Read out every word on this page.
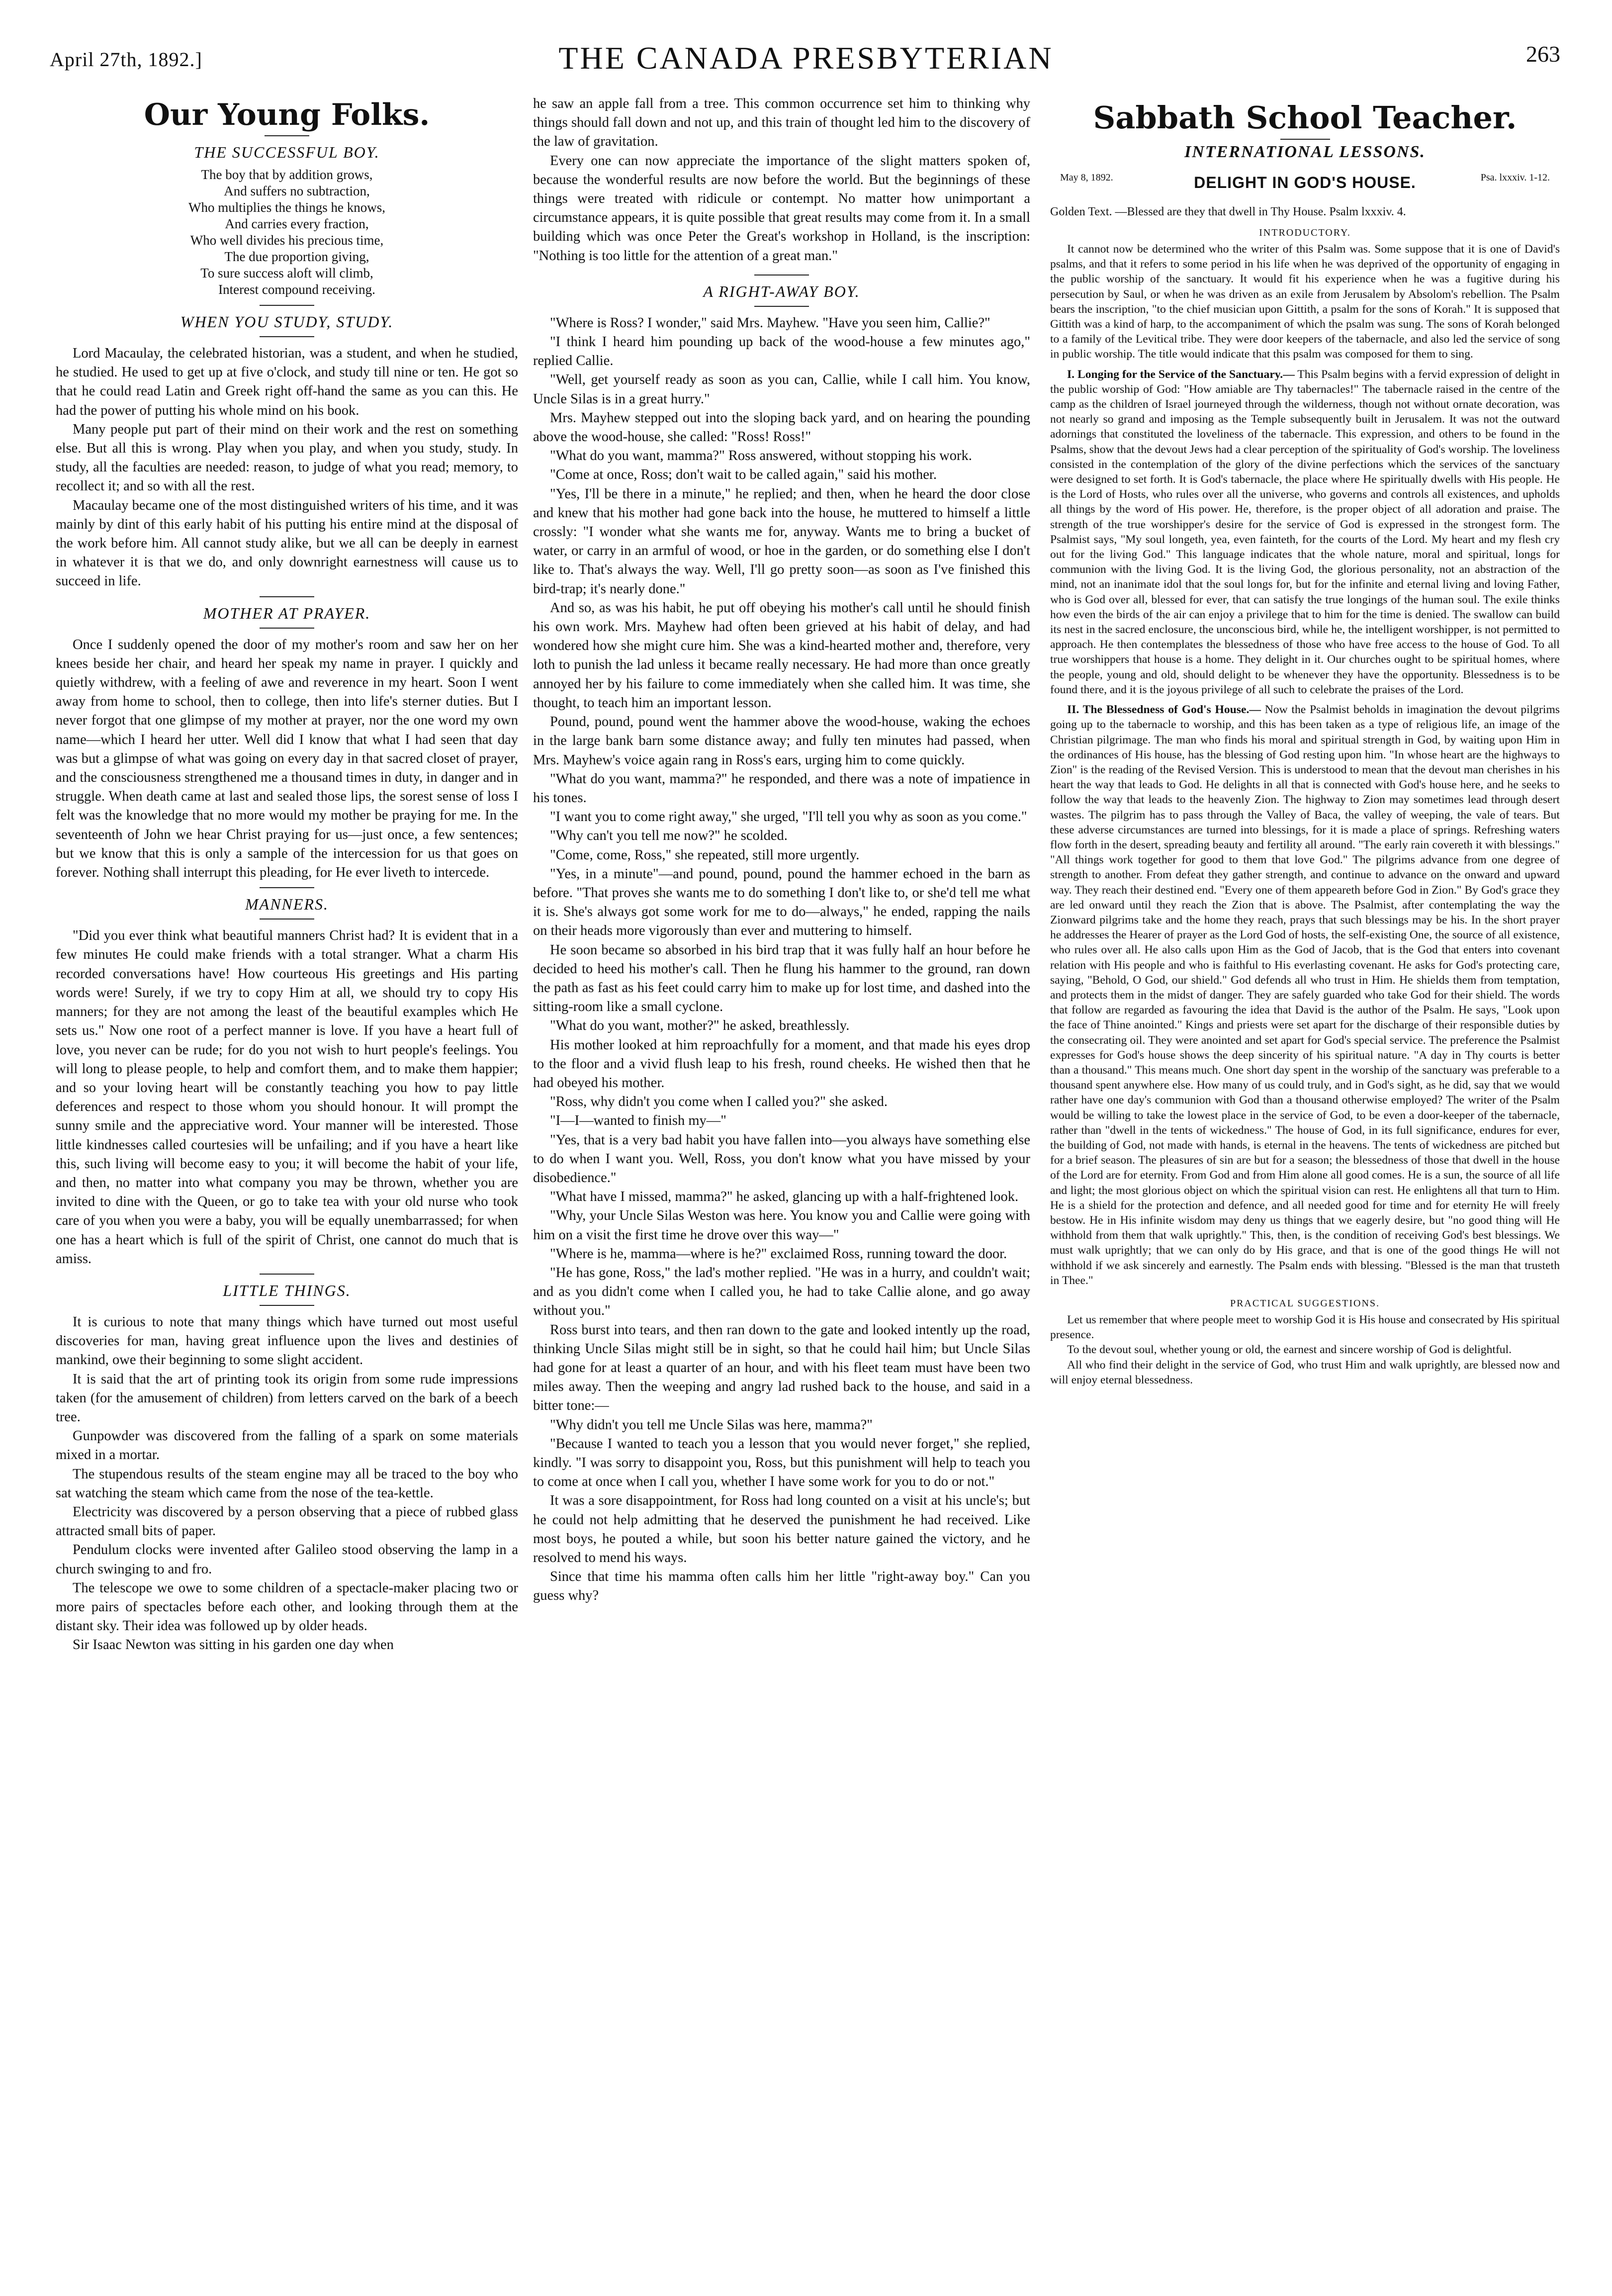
April 27th, 1892.]	THE CANADA PRESBYTERIAN	263
Our Young Folks.
THE SUCCESSFUL BOY.
The boy that by addition grows,
And suffers no subtraction,
Who multiplies the things he knows,
And carries every fraction,
Who well divides his precious time,
The due proportion giving,
To sure success aloft will climb,
Interest compound receiving.
WHEN YOU STUDY, STUDY.

Lord Macaulay, the celebrated historian, was a student, and when he studied, he studied. He used to get up at five o'clock, and study till nine or ten. He got so that he could read Latin and Greek right off-hand the same as you can this. He had the power of putting his whole mind on his book.

Many people put part of their mind on their work and the rest on something else. But all this is wrong. Play when you play, and when you study, study. In study, all the faculties are needed: reason, to judge of what you read; memory, to recollect it; and so with all the rest.

Macaulay became one of the most distinguished writers of his time, and it was mainly by dint of this early habit of his putting his entire mind at the disposal of the work before him. All cannot study alike, but we all can be deeply in earnest in whatever it is that we do, and only downright earnestness will cause us to succeed in life.

MOTHER AT PRAYER.

Once I suddenly opened the door of my mother's room and saw her on her knees beside her chair, and heard her speak my name in prayer. I quickly and quietly withdrew, with a feeling of awe and reverence in my heart. Soon I went away from home to school, then to college, then into life's sterner duties. But I never forgot that one glimpse of my mother at prayer, nor the one word my own name—which I heard her utter. Well did I know that what I had seen that day was but a glimpse of what was going on every day in that sacred closet of prayer, and the consciousness strengthened me a thousand times in duty, in danger and in struggle. When death came at last and sealed those lips, the sorest sense of loss I felt was the knowledge that no more would my mother be praying for me. In the seventeenth of John we hear Christ praying for us—just once, a few sentences; but we know that this is only a sample of the intercession for us that goes on forever. Nothing shall interrupt this pleading, for He ever liveth to intercede.

MANNERS.

"Did you ever think what beautiful manners Christ had? It is evident that in a few minutes He could make friends with a total stranger. What a charm His recorded conversations have! How courteous His greetings and His parting words were! Surely, if we try to copy Him at all, we should try to copy His manners; for they are not among the least of the beautiful examples which He sets us." Now one root of a perfect manner is love. If you have a heart full of love, you never can be rude; for do you not wish to hurt people's feelings. You will long to please people, to help and comfort them, and to make them happier; and so your loving heart will be constantly teaching you how to pay little deferences and respect to those whom you should honour. It will prompt the sunny smile and the appreciative word. Your manner will be interested. Those little kindnesses called courtesies will be unfailing; and if you have a heart like this, such living will become easy to you; it will become the habit of your life, and then, no matter into what company you may be thrown, whether you are invited to dine with the Queen, or go to take tea with your old nurse who took care of you when you were a baby, you will be equally unembarrassed; for when one has a heart which is full of the spirit of Christ, one cannot do much that is amiss.

LITTLE THINGS.

It is curious to note that many things which have turned out most useful discoveries for man, having great influence upon the lives and destinies of mankind, owe their beginning to some slight accident.

It is said that the art of printing took its origin from some rude impressions taken (for the amusement of children) from letters carved on the bark of a beech tree.

Gunpowder was discovered from the falling of a spark on some materials mixed in a mortar.

The stupendous results of the steam engine may all be traced to the boy who sat watching the steam which came from the nose of the tea-kettle.

Electricity was discovered by a person observing that a piece of rubbed glass attracted small bits of paper.

Pendulum clocks were invented after Galileo stood observing the lamp in a church swinging to and fro.

The telescope we owe to some children of a spectacle-maker placing two or more pairs of spectacles before each other, and looking through them at the distant sky. Their idea was followed up by older heads.

Sir Isaac Newton was sitting in his garden one day when

he saw an apple fall from a tree. This common occurrence set him to thinking why things should fall down and not up, and this train of thought led him to the discovery of the law of gravitation.

Every one can now appreciate the importance of the slight matters spoken of, because the wonderful results are now before the world. But the beginnings of these things were treated with ridicule or contempt. No matter how unimportant a circumstance appears, it is quite possible that great results may come from it. In a small building which was once Peter the Great's workshop in Holland, is the inscription: "Nothing is too little for the attention of a great man."

A RIGHT-AWAY BOY.

"Where is Ross? I wonder," said Mrs. Mayhew. "Have you seen him, Callie?"

"I think I heard him pounding up back of the wood-house a few minutes ago," replied Callie.

"Well, get yourself ready as soon as you can, Callie, while I call him. You know, Uncle Silas is in a great hurry."

Mrs. Mayhew stepped out into the sloping back yard, and on hearing the pounding above the wood-house, she called: "Ross! Ross!"

"What do you want, mamma?" Ross answered, without stopping his work.

"Come at once, Ross; don't wait to be called again," said his mother.

"Yes, I'll be there in a minute," he replied; and then, when he heard the door close and knew that his mother had gone back into the house, he muttered to himself a little crossly: "I wonder what she wants me for, anyway. Wants me to bring a bucket of water, or carry in an armful of wood, or hoe in the garden, or do something else I don't like to. That's always the way. Well, I'll go pretty soon—as soon as I've finished this bird-trap; it's nearly done."

And so, as was his habit, he put off obeying his mother's call until he should finish his own work. Mrs. Mayhew had often been grieved at his habit of delay, and had wondered how she might cure him. She was a kind-hearted mother and, therefore, very loth to punish the lad unless it became really necessary. He had more than once greatly annoyed her by his failure to come immediately when she called him. It was time, she thought, to teach him an important lesson.

Pound, pound, pound went the hammer above the wood-house, waking the echoes in the large bank barn some distance away; and fully ten minutes had passed, when Mrs. Mayhew's voice again rang in Ross's ears, urging him to come quickly.

"What do you want, mamma?" he responded, and there was a note of impatience in his tones.

"I want you to come right away," she urged, "I'll tell you why as soon as you come."

"Why can't you tell me now?" he scolded.

"Come, come, Ross," she repeated, still more urgently.

"Yes, in a minute"—and pound, pound, pound the hammer echoed in the barn as before. "That proves she wants me to do something I don't like to, or she'd tell me what it is. She's always got some work for me to do—always," he ended, rapping the nails on their heads more vigorously than ever and muttering to himself.

He soon became so absorbed in his bird trap that it was fully half an hour before he decided to heed his mother's call. Then he flung his hammer to the ground, ran down the path as fast as his feet could carry him to make up for lost time, and dashed into the sitting-room like a small cyclone.

"What do you want, mother?" he asked, breathlessly.

His mother looked at him reproachfully for a moment, and that made his eyes drop to the floor and a vivid flush leap to his fresh, round cheeks. He wished then that he had obeyed his mother.

"Ross, why didn't you come when I called you?" she asked.

"I—I—wanted to finish my—"

"Yes, that is a very bad habit you have fallen into—you always have something else to do when I want you. Well, Ross, you don't know what you have missed by your disobedience."

"What have I missed, mamma?" he asked, glancing up with a half-frightened look.

"Why, your Uncle Silas Weston was here. You know you and Callie were going with him on a visit the first time he drove over this way—"

"Where is he, mamma—where is he?" exclaimed Ross, running toward the door.

"He has gone, Ross," the lad's mother replied. "He was in a hurry, and couldn't wait; and as you didn't come when I called you, he had to take Callie alone, and go away without you."

Ross burst into tears, and then ran down to the gate and looked intently up the road, thinking Uncle Silas might still be in sight, so that he could hail him; but Uncle Silas had gone for at least a quarter of an hour, and with his fleet team must have been two miles away. Then the weeping and angry lad rushed back to the house, and said in a bitter tone:—

"Why didn't you tell me Uncle Silas was here, mamma?"

"Because I wanted to teach you a lesson that you would never forget," she replied, kindly. "I was sorry to disappoint you, Ross, but this punishment will help to teach you to come at once when I call you, whether I have some work for you to do or not."

It was a sore disappointment, for Ross had long counted on a visit at his uncle's; but he could not help admitting that he deserved the punishment he had received. Like most boys, he pouted a while, but soon his better nature gained the victory, and he resolved to mend his ways.

Since that time his mamma often calls him her little "right-away boy." Can you guess why?

Sabbath School Teacher.
INTERNATIONAL LESSONS.
May 8, 1892.	DELIGHT IN GOD'S HOUSE.	Psa. lxxxiv. 1-12.
Golden Text. —Blessed are they that dwell in Thy House. Psalm lxxxiv. 4.
INTRODUCTORY.

It cannot now be determined who the writer of this Psalm was. Some suppose that it is one of David's psalms, and that it refers to some period in his life when he was deprived of the opportunity of engaging in the public worship of the sanctuary. It would fit his experience when he was a fugitive during his persecution by Saul, or when he was driven as an exile from Jerusalem by Absolom's rebellion. The Psalm bears the inscription, "to the chief musician upon Gittith, a psalm for the sons of Korah." It is supposed that Gittith was a kind of harp, to the accompaniment of which the psalm was sung. The sons of Korah belonged to a family of the Levitical tribe. They were door keepers of the tabernacle, and also led the service of song in public worship. The title would indicate that this psalm was composed for them to sing.

I. Longing for the Service of the Sanctuary.— This Psalm begins with a fervid expression of delight in the public worship of God: "How amiable are Thy tabernacles!" The tabernacle raised in the centre of the camp as the children of Israel journeyed through the wilderness, though not without ornate decoration, was not nearly so grand and imposing as the Temple subsequently built in Jerusalem. It was not the outward adornings that constituted the loveliness of the tabernacle. This expression, and others to be found in the Psalms, show that the devout Jews had a clear perception of the spirituality of God's worship. The loveliness consisted in the contemplation of the glory of the divine perfections which the services of the sanctuary were designed to set forth. It is God's tabernacle, the place where He spiritually dwells with His people. He is the Lord of Hosts, who rules over all the universe, who governs and controls all existences, and upholds all things by the word of His power. He, therefore, is the proper object of all adoration and praise. The strength of the true worshipper's desire for the service of God is expressed in the strongest form. The Psalmist says, "My soul longeth, yea, even fainteth, for the courts of the Lord. My heart and my flesh cry out for the living God." This language indicates that the whole nature, moral and spiritual, longs for communion with the living God. It is the living God, the glorious personality, not an abstraction of the mind, not an inanimate idol that the soul longs for, but for the infinite and eternal living and loving Father, who is God over all, blessed for ever, that can satisfy the true longings of the human soul. The exile thinks how even the birds of the air can enjoy a privilege that to him for the time is denied. The swallow can build its nest in the sacred enclosure, the unconscious bird, while he, the intelligent worshipper, is not permitted to approach. He then contemplates the blessedness of those who have free access to the house of God. To all true worshippers that house is a home. They delight in it. Our churches ought to be spiritual homes, where the people, young and old, should delight to be whenever they have the opportunity. Blessedness is to be found there, and it is the joyous privilege of all such to celebrate the praises of the Lord.

II. The Blessedness of God's House.— Now the Psalmist beholds in imagination the devout pilgrims going up to the tabernacle to worship, and this has been taken as a type of religious life, an image of the Christian pilgrimage. The man who finds his moral and spiritual strength in God, by waiting upon Him in the ordinances of His house, has the blessing of God resting upon him. "In whose heart are the highways to Zion" is the reading of the Revised Version. This is understood to mean that the devout man cherishes in his heart the way that leads to God. He delights in all that is connected with God's house here, and he seeks to follow the way that leads to the heavenly Zion. The highway to Zion may sometimes lead through desert wastes. The pilgrim has to pass through the Valley of Baca, the valley of weeping, the vale of tears. But these adverse circumstances are turned into blessings, for it is made a place of springs. Refreshing waters flow forth in the desert, spreading beauty and fertility all around. "The early rain covereth it with blessings." "All things work together for good to them that love God." The pilgrims advance from one degree of strength to another. From defeat they gather strength, and continue to advance on the onward and upward way. They reach their destined end. "Every one of them appeareth before God in Zion." By God's grace they are led onward until they reach the Zion that is above. The Psalmist, after contemplating the way the Zionward pilgrims take and the home they reach, prays that such blessings may be his. In the short prayer he addresses the Hearer of prayer as the Lord God of hosts, the self-existing One, the source of all existence, who rules over all. He also calls upon Him as the God of Jacob, that is the God that enters into covenant relation with His people and who is faithful to His everlasting covenant. He asks for God's protecting care, saying, "Behold, O God, our shield." God defends all who trust in Him. He shields them from temptation, and protects them in the midst of danger. They are safely guarded who take God for their shield. The words that follow are regarded as favouring the idea that David is the author of the Psalm. He says, "Look upon the face of Thine anointed." Kings and priests were set apart for the discharge of their responsible duties by the consecrating oil. They were anointed and set apart for God's special service. The preference the Psalmist expresses for God's house shows the deep sincerity of his spiritual nature. "A day in Thy courts is better than a thousand." This means much. One short day spent in the worship of the sanctuary was preferable to a thousand spent anywhere else. How many of us could truly, and in God's sight, as he did, say that we would rather have one day's communion with God than a thousand otherwise employed? The writer of the Psalm would be willing to take the lowest place in the service of God, to be even a door-keeper of the tabernacle, rather than "dwell in the tents of wickedness." The house of God, in its full significance, endures for ever, the building of God, not made with hands, is eternal in the heavens. The tents of wickedness are pitched but for a brief season. The pleasures of sin are but for a season; the blessedness of those that dwell in the house of the Lord are for eternity. From God and from Him alone all good comes. He is a sun, the source of all life and light; the most glorious object on which the spiritual vision can rest. He enlightens all that turn to Him. He is a shield for the protection and defence, and all needed good for time and for eternity He will freely bestow. He in His infinite wisdom may deny us things that we eagerly desire, but "no good thing will He withhold from them that walk uprightly." This, then, is the condition of receiving God's best blessings. We must walk uprightly; that we can only do by His grace, and that is one of the good things He will not withhold if we ask sincerely and earnestly. The Psalm ends with blessing. "Blessed is the man that trusteth in Thee."

PRACTICAL SUGGESTIONS.

Let us remember that where people meet to worship God it is His house and consecrated by His spiritual presence.

To the devout soul, whether young or old, the earnest and sincere worship of God is delightful.

All who find their delight in the service of God, who trust Him and walk uprightly, are blessed now and will enjoy eternal blessedness.
